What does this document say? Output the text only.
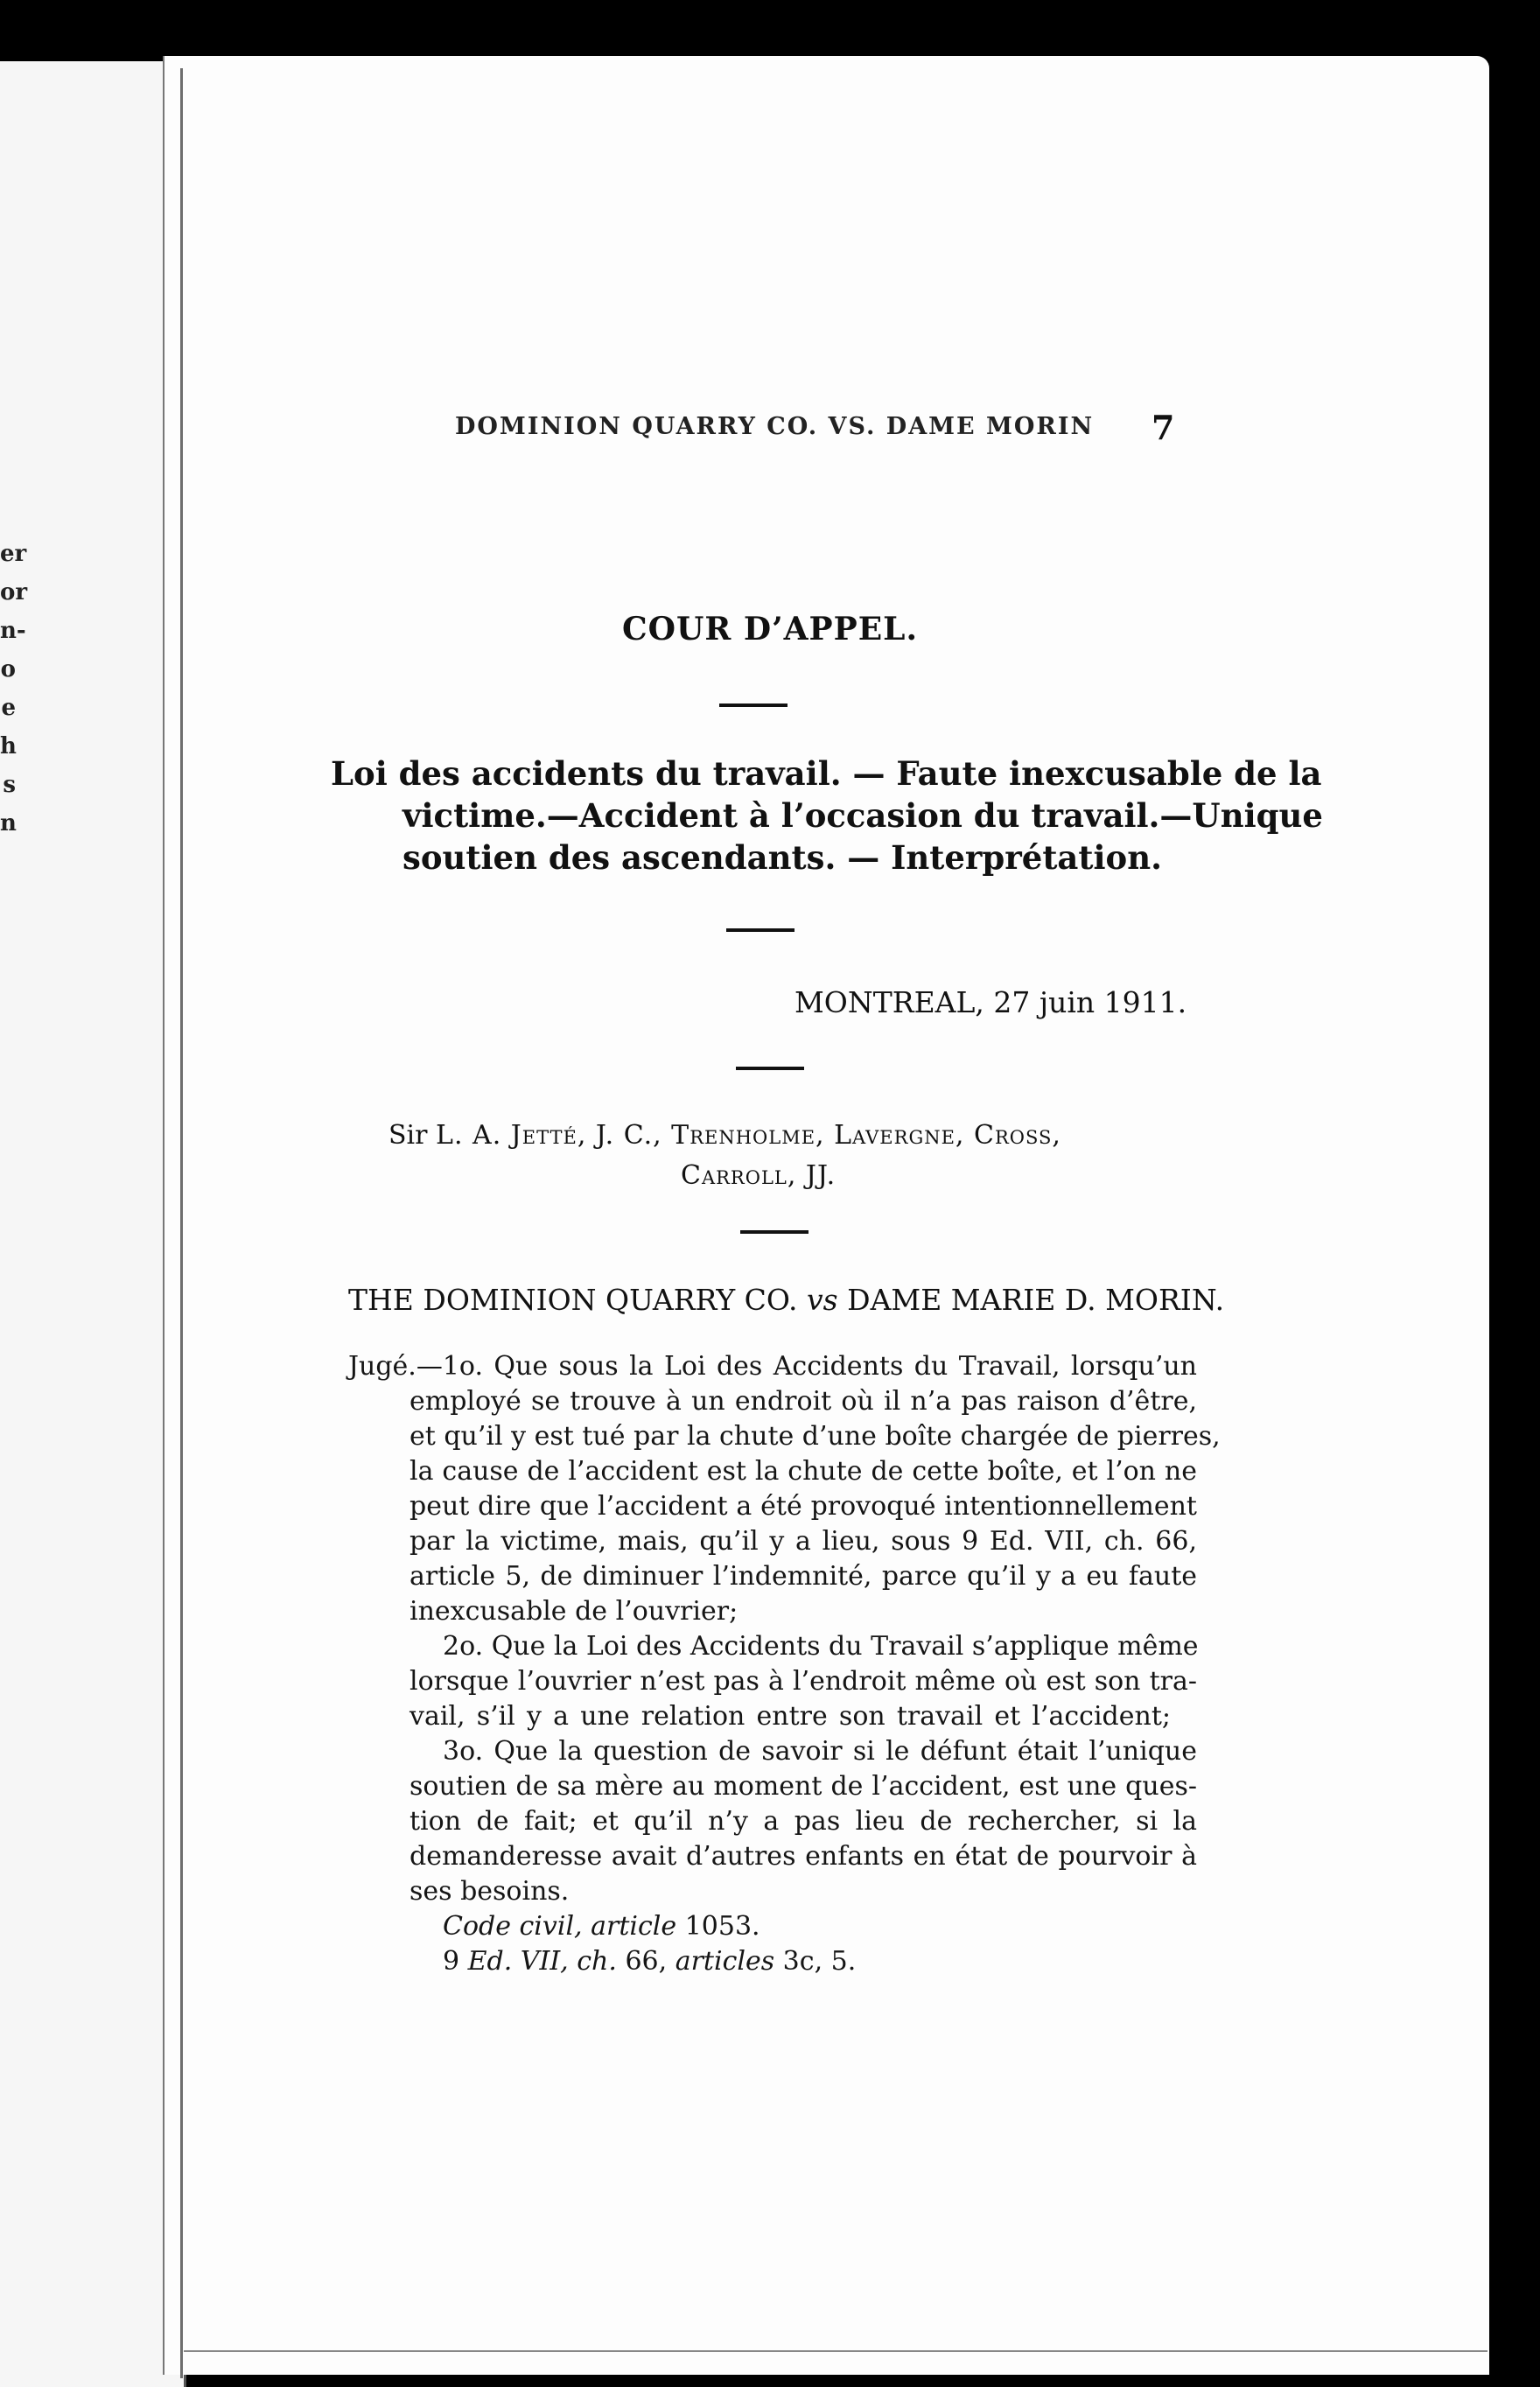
er
or
n-
o
e
h
s
n
DOMINION QUARRY CO. VS. DAME MORIN 7
COUR D’APPEL.
Loi des accidents du travail. — Faute inexcusable de la
victime.—Accident à l’occasion du travail.—Unique
soutien des ascendants. — Interprétation.
MONTREAL, 27 juin 1911.
Sir L. A. Jetté, J. C., Trenholme, Lavergne, Cross,
Carroll, JJ.
THE DOMINION QUARRY CO. vs DAME MARIE D. MORIN.
Jugé.—1o. Que sous la Loi des Accidents du Travail, lorsqu’un
employé se trouve à un endroit où il n’a pas raison d’être,
et qu’il y est tué par la chute d’une boîte chargée de pierres,
la cause de l’accident est la chute de cette boîte, et l’on ne
peut dire que l’accident a été provoqué intentionnellement
par la victime, mais, qu’il y a lieu, sous 9 Ed. VII, ch. 66,
article 5, de diminuer l’indemnité, parce qu’il y a eu faute
inexcusable de l’ouvrier;
2o. Que la Loi des Accidents du Travail s’applique même
lorsque l’ouvrier n’est pas à l’endroit même où est son tra-
vail, s’il y a une relation entre son travail et l’accident;
3o. Que la question de savoir si le défunt était l’unique
soutien de sa mère au moment de l’accident, est une ques-
tion de fait; et qu’il n’y a pas lieu de rechercher, si la
demanderesse avait d’autres enfants en état de pourvoir à
ses besoins.
Code civil, article 1053.
9 Ed. VII, ch. 66, articles 3c, 5.
